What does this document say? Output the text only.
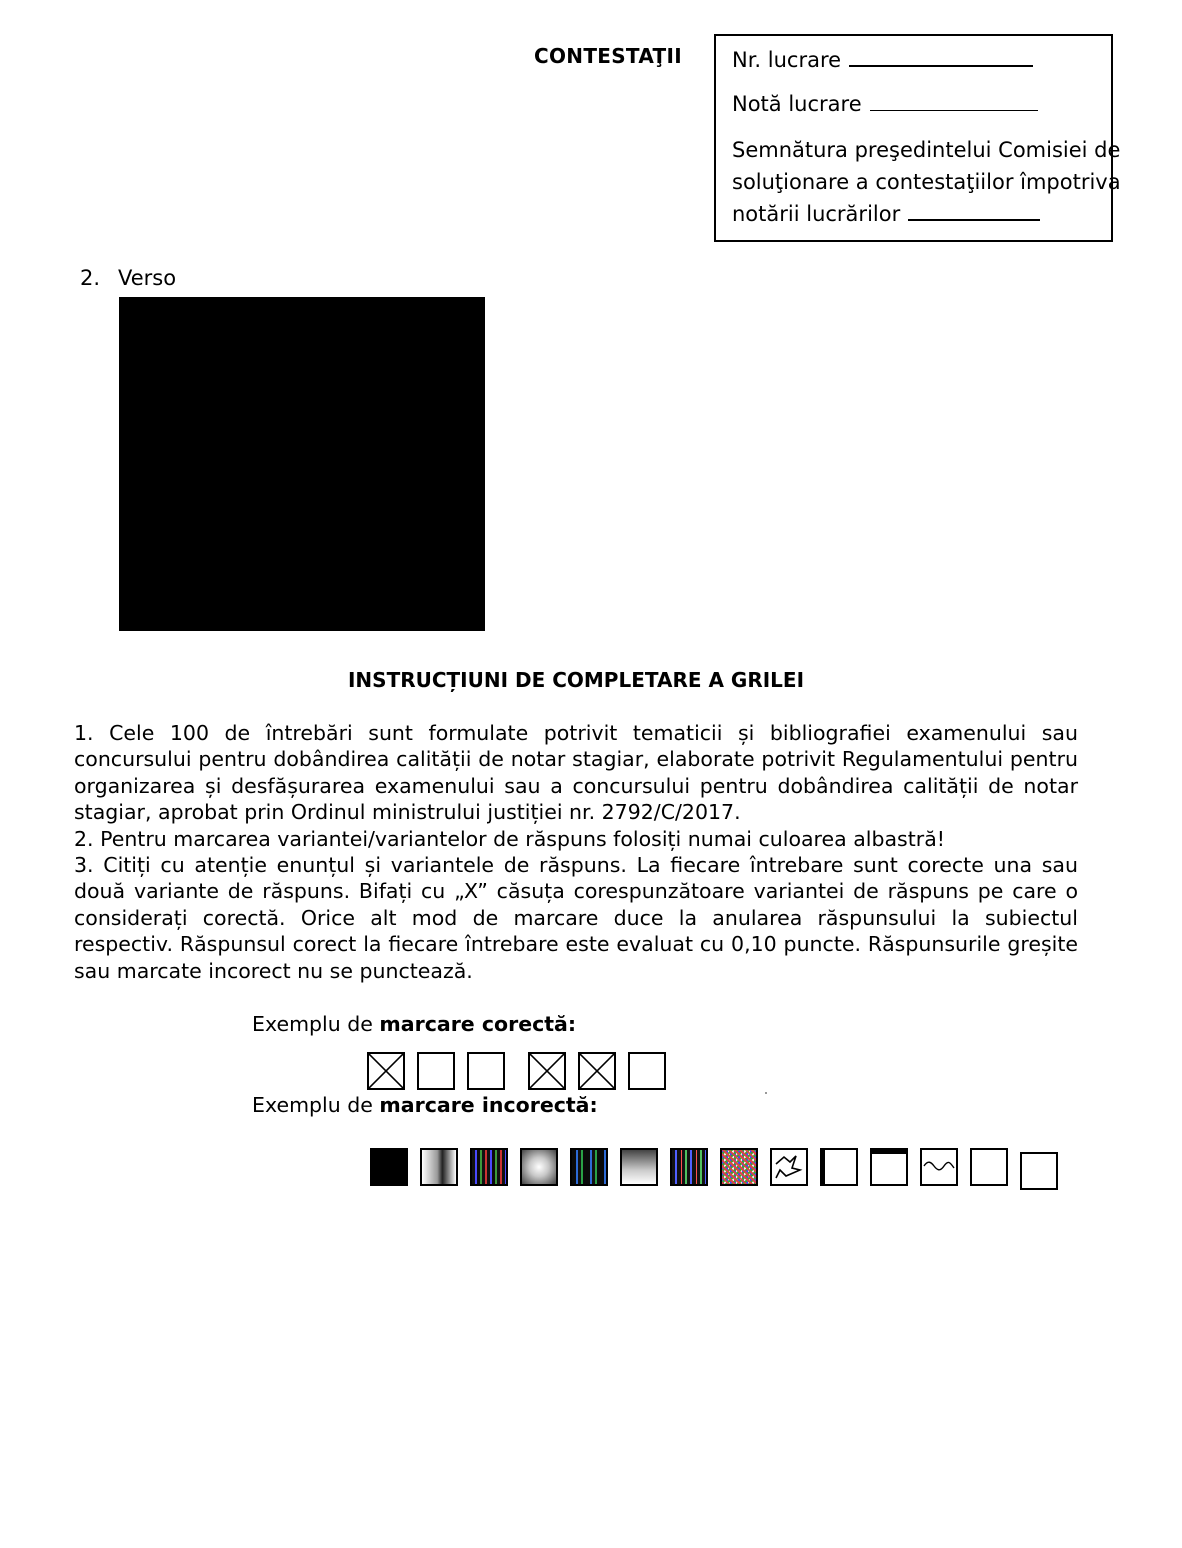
CONTESTAŢII Nr. lucrare
Notă lucrare
Semnătura preşedintelui Comisiei de
soluţionare a contestaţiilor împotriva
notării lucrărilor
2. Verso
INSTRUCȚIUNI DE COMPLETARE A GRILEI

1. Cele 100 de întrebări sunt formulate potrivit tematicii și bibliografiei examenului sau concursului pentru dobândirea calității de notar stagiar, elaborate potrivit Regulamentului pentru organizarea și desfășurarea examenului sau a concursului pentru dobândirea calității de notar stagiar, aprobat prin Ordinul ministrului justiției nr. 2792/C/2017.

2. Pentru marcarea variantei/variantelor de răspuns folosiți numai culoarea albastră!

3. Citiți cu atenție enunțul și variantele de răspuns. La fiecare întrebare sunt corecte una sau două variante de răspuns. Bifați cu „X” căsuța corespunzătoare variantei de răspuns pe care o considerați corectă. Orice alt mod de marcare duce la anularea răspunsului la subiectul respectiv. Răspunsul corect la fiecare întrebare este evaluat cu 0,10 puncte. Răspunsurile greșite sau marcate incorect nu se punctează.

Exemplu de marcare corectă:
Exemplu de marcare incorectă:
